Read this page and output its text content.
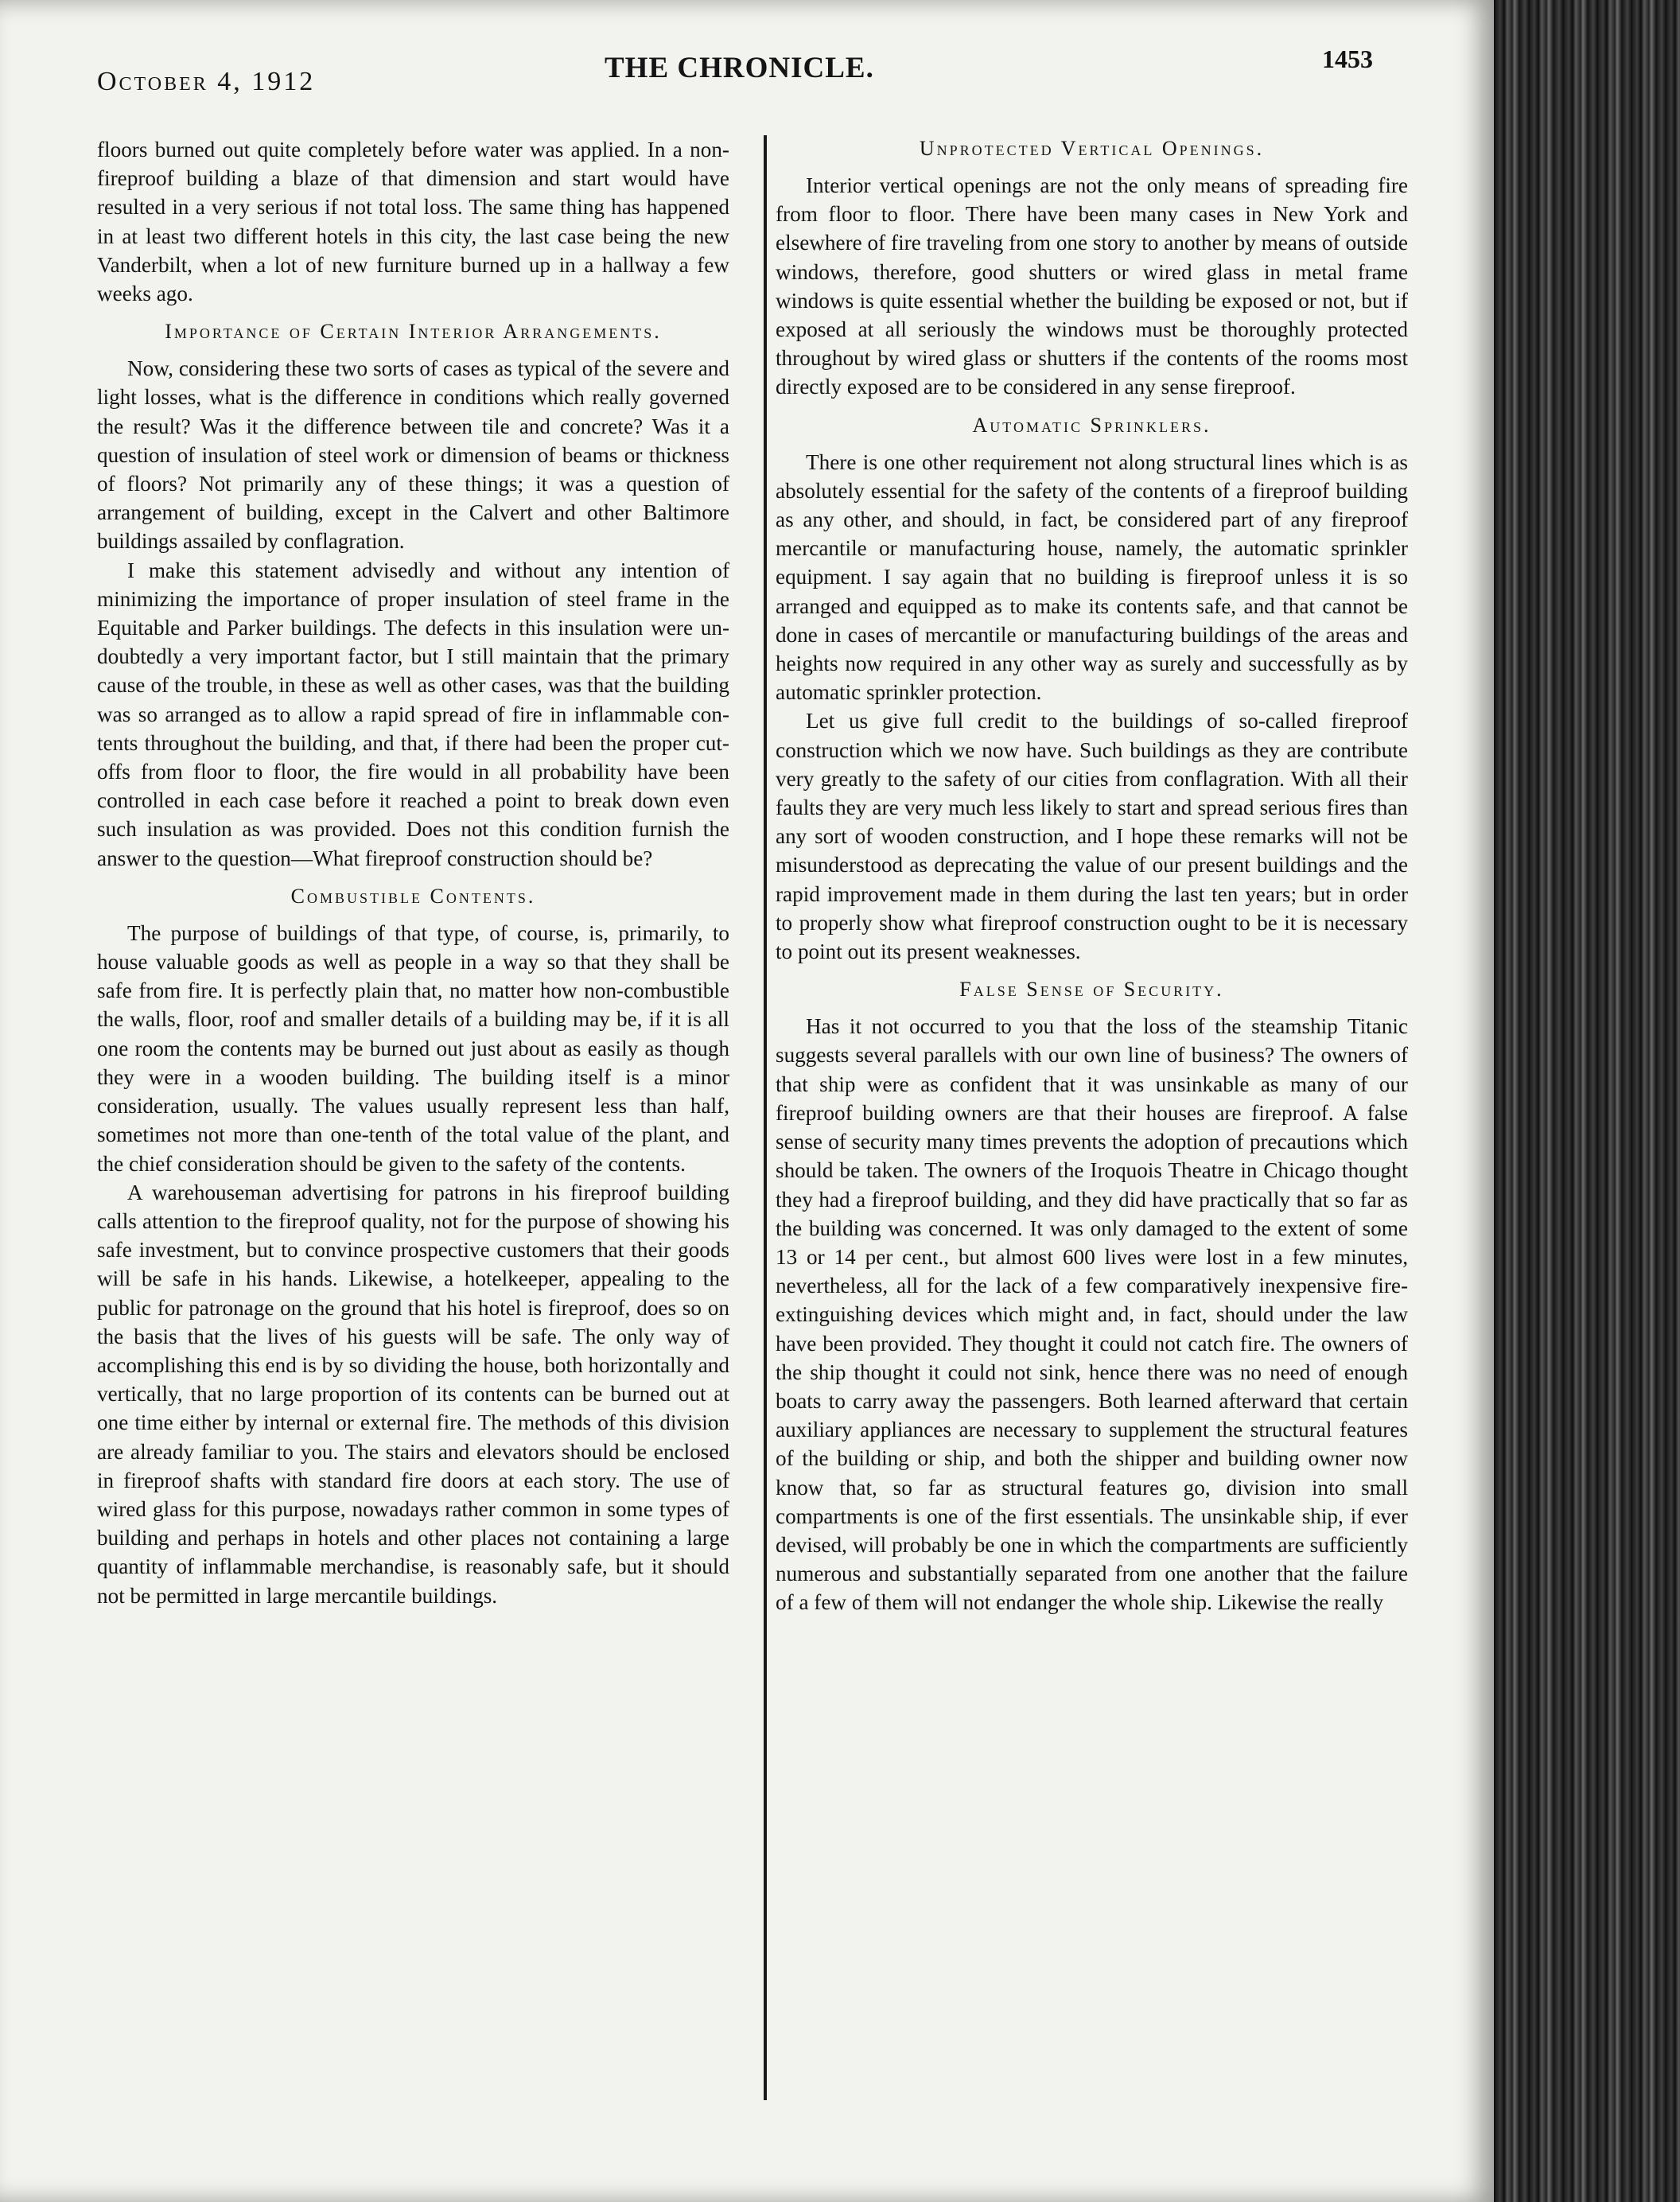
October 4, 1912	THE CHRONICLE.	1453

floors burned out quite completely before water was applied. In a non-fireproof building a blaze of that dimension and start would have resulted in a very serious if not total loss. The same thing has happened in at least two different hotels in this city, the last case being the new Vanderbilt, when a lot of new furniture burned up in a hallway a few weeks ago.

Importance of Certain Interior Arrangements.

Now, considering these two sorts of cases as typical of the severe and light losses, what is the difference in conditions which really governed the result? Was it the difference between tile and concrete? Was it a question of insulation of steel work or dimension of beams or thickness of floors? Not primarily any of these things; it was a question of arrangement of building, except in the Calvert and other Baltimore buildings assailed by conflagration.

I make this statement advisedly and without any intention of minimizing the importance of proper insulation of steel frame in the Equitable and Parker buildings. The defects in this insulation were undoubtedly a very important factor, but I still maintain that the primary cause of the trouble, in these as well as other cases, was that the building was so arranged as to allow a rapid spread of fire in inflammable contents throughout the building, and that, if there had been the proper cut-offs from floor to floor, the fire would in all probability have been controlled in each case before it reached a point to break down even such insulation as was provided. Does not this condition furnish the answer to the question—What fireproof construction should be?

Combustible Contents.

The purpose of buildings of that type, of course, is, primarily, to house valuable goods as well as people in a way so that they shall be safe from fire. It is perfectly plain that, no matter how non-combustible the walls, floor, roof and smaller details of a building may be, if it is all one room the contents may be burned out just about as easily as though they were in a wooden building. The building itself is a minor consideration, usually. The values usually represent less than half, sometimes not more than one-tenth of the total value of the plant, and the chief consideration should be given to the safety of the contents.

A warehouseman advertising for patrons in his fireproof building calls attention to the fireproof quality, not for the purpose of showing his safe investment, but to convince prospective customers that their goods will be safe in his hands. Likewise, a hotelkeeper, appealing to the public for patronage on the ground that his hotel is fireproof, does so on the basis that the lives of his guests will be safe. The only way of accomplishing this end is by so dividing the house, both horizontally and vertically, that no large proportion of its contents can be burned out at one time either by internal or external fire. The methods of this division are already familiar to you. The stairs and elevators should be enclosed in fireproof shafts with standard fire doors at each story. The use of wired glass for this purpose, nowadays rather common in some types of building and perhaps in hotels and other places not containing a large quantity of inflammable merchandise, is reasonably safe, but it should not be permitted in large mercantile buildings.

Unprotected Vertical Openings.

Interior vertical openings are not the only means of spreading fire from floor to floor. There have been many cases in New York and elsewhere of fire traveling from one story to another by means of outside windows, therefore, good shutters or wired glass in metal frame windows is quite essential whether the building be exposed or not, but if exposed at all seriously the windows must be thoroughly protected throughout by wired glass or shutters if the contents of the rooms most directly exposed are to be considered in any sense fireproof.

Automatic Sprinklers.

There is one other requirement not along structural lines which is as absolutely essential for the safety of the contents of a fireproof building as any other, and should, in fact, be considered part of any fireproof mercantile or manufacturing house, namely, the automatic sprinkler equipment. I say again that no building is fireproof unless it is so arranged and equipped as to make its contents safe, and that cannot be done in cases of mercantile or manufacturing buildings of the areas and heights now required in any other way as surely and successfully as by automatic sprinkler protection.

Let us give full credit to the buildings of so-called fireproof construction which we now have. Such buildings as they are contribute very greatly to the safety of our cities from conflagration. With all their faults they are very much less likely to start and spread serious fires than any sort of wooden construction, and I hope these remarks will not be misunderstood as deprecating the value of our present buildings and the rapid improvement made in them during the last ten years; but in order to properly show what fireproof construction ought to be it is necessary to point out its present weaknesses.

False Sense of Security.

Has it not occurred to you that the loss of the steamship Titanic suggests several parallels with our own line of business? The owners of that ship were as confident that it was unsinkable as many of our fireproof building owners are that their houses are fireproof. A false sense of security many times prevents the adoption of precautions which should be taken. The owners of the Iroquois Theatre in Chicago thought they had a fireproof building, and they did have practically that so far as the building was concerned. It was only damaged to the extent of some 13 or 14 per cent., but almost 600 lives were lost in a few minutes, nevertheless, all for the lack of a few comparatively inexpensive fire-extinguishing devices which might and, in fact, should under the law have been provided. They thought it could not catch fire. The owners of the ship thought it could not sink, hence there was no need of enough boats to carry away the passengers. Both learned afterward that certain auxiliary appliances are necessary to supplement the structural features of the building or ship, and both the shipper and building owner now know that, so far as structural features go, division into small compartments is one of the first essentials. The unsinkable ship, if ever devised, will probably be one in which the compartments are sufficiently numerous and substantially separated from one another that the failure of a few of them will not endanger the whole ship. Likewise the really
